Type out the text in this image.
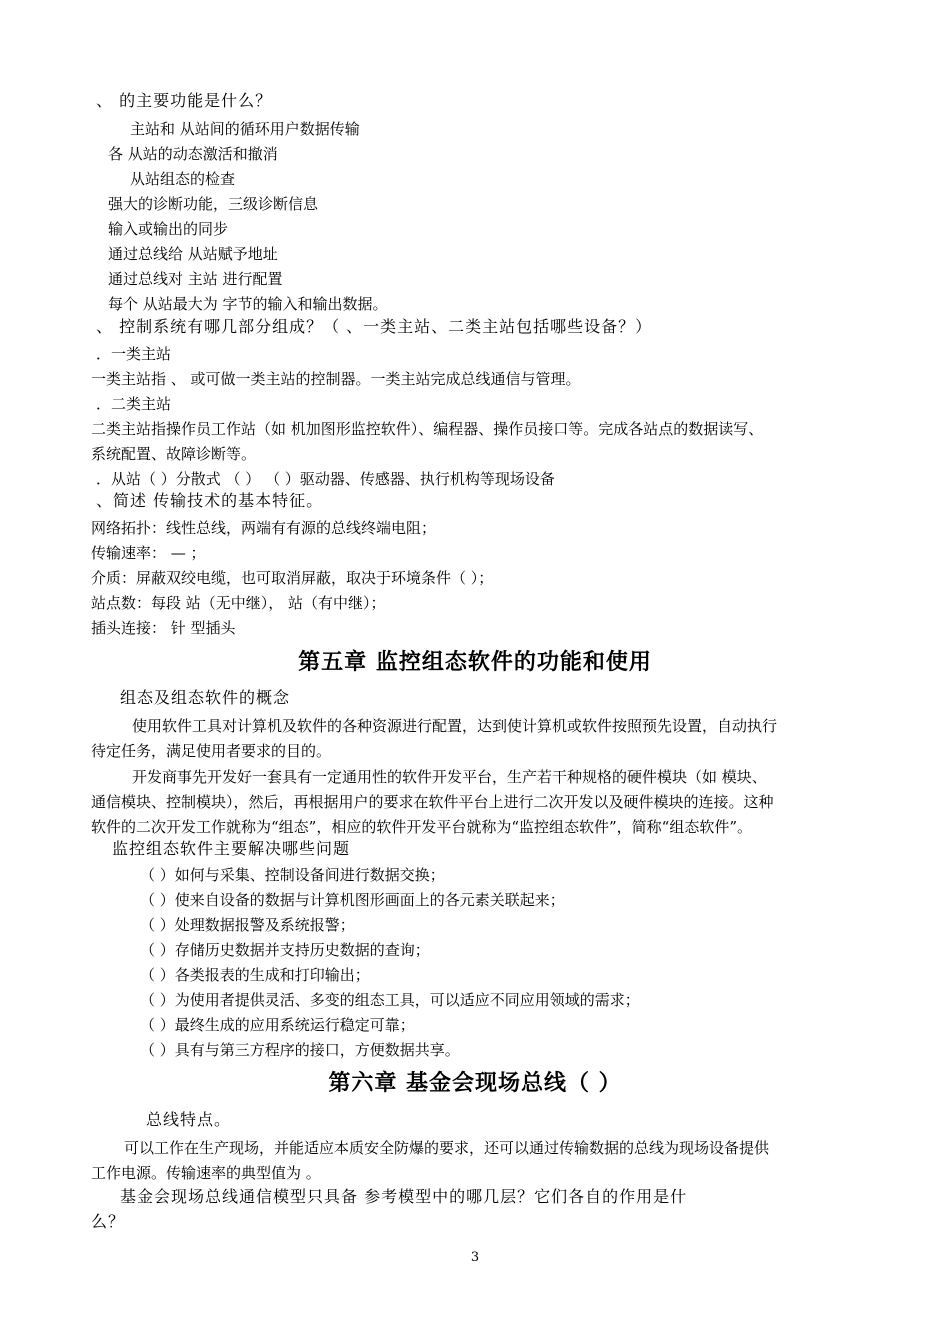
、 的主要功能是什么？
主站和 从站间的循环用户数据传输
各 从站的动态激活和撤消
从站组态的检查
强大的诊断功能，三级诊断信息
输入或输出的同步
通过总线给 从站赋予地址
通过总线对 主站 进行配置
每个 从站最大为 字节的输入和输出数据。
、 控制系统有哪几部分组成？（ 、一类主站、二类主站包括哪些设备？）
．一类主站
一类主站指 、 或可做一类主站的控制器。一类主站完成总线通信与管理。
．二类主站
二类主站指操作员工作站（如 机加图形监控软件）、编程器、操作员接口等。完成各站点的数据读写、
系统配置、故障诊断等。
．从站（ ）分散式 （ ） （ ）驱动器、传感器、执行机构等现场设备
、简述 传输技术的基本特征。
网络拓扑：线性总线，两端有有源的总线终端电阻；
传输速率： — ；
介质：屏蔽双绞电缆，也可取消屏蔽，取决于环境条件（ ）；
站点数：每段 站（无中继）， 站（有中继）；
插头连接： 针 型插头
第五章 监控组态软件的功能和使用
组态及组态软件的概念
使用软件工具对计算机及软件的各种资源进行配置，达到使计算机或软件按照预先设置，自动执行
待定任务，满足使用者要求的目的。
开发商事先开发好一套具有一定通用性的软件开发平台，生产若干种规格的硬件模块（如 模块、
通信模块、控制模块），然后，再根据用户的要求在软件平台上进行二次开发以及硬件模块的连接。这种
软件的二次开发工作就称为“组态”，相应的软件开发平台就称为“监控组态软件”，简称“组态软件”。
监控组态软件主要解决哪些问题
（ ）如何与采集、控制设备间进行数据交换；
（ ）使来自设备的数据与计算机图形画面上的各元素关联起来；
（ ）处理数据报警及系统报警；
（ ）存储历史数据并支持历史数据的查询；
（ ）各类报表的生成和打印输出；
（ ）为使用者提供灵活、多变的组态工具，可以适应不同应用领域的需求；
（ ）最终生成的应用系统运行稳定可靠；
（ ）具有与第三方程序的接口，方便数据共享。
第六章 基金会现场总线（ ）
总线特点。
可以工作在生产现场，并能适应本质安全防爆的要求，还可以通过传输数据的总线为现场设备提供
工作电源。传输速率的典型值为 。
基金会现场总线通信模型只具备 参考模型中的哪几层？它们各自的作用是什
么？
3
